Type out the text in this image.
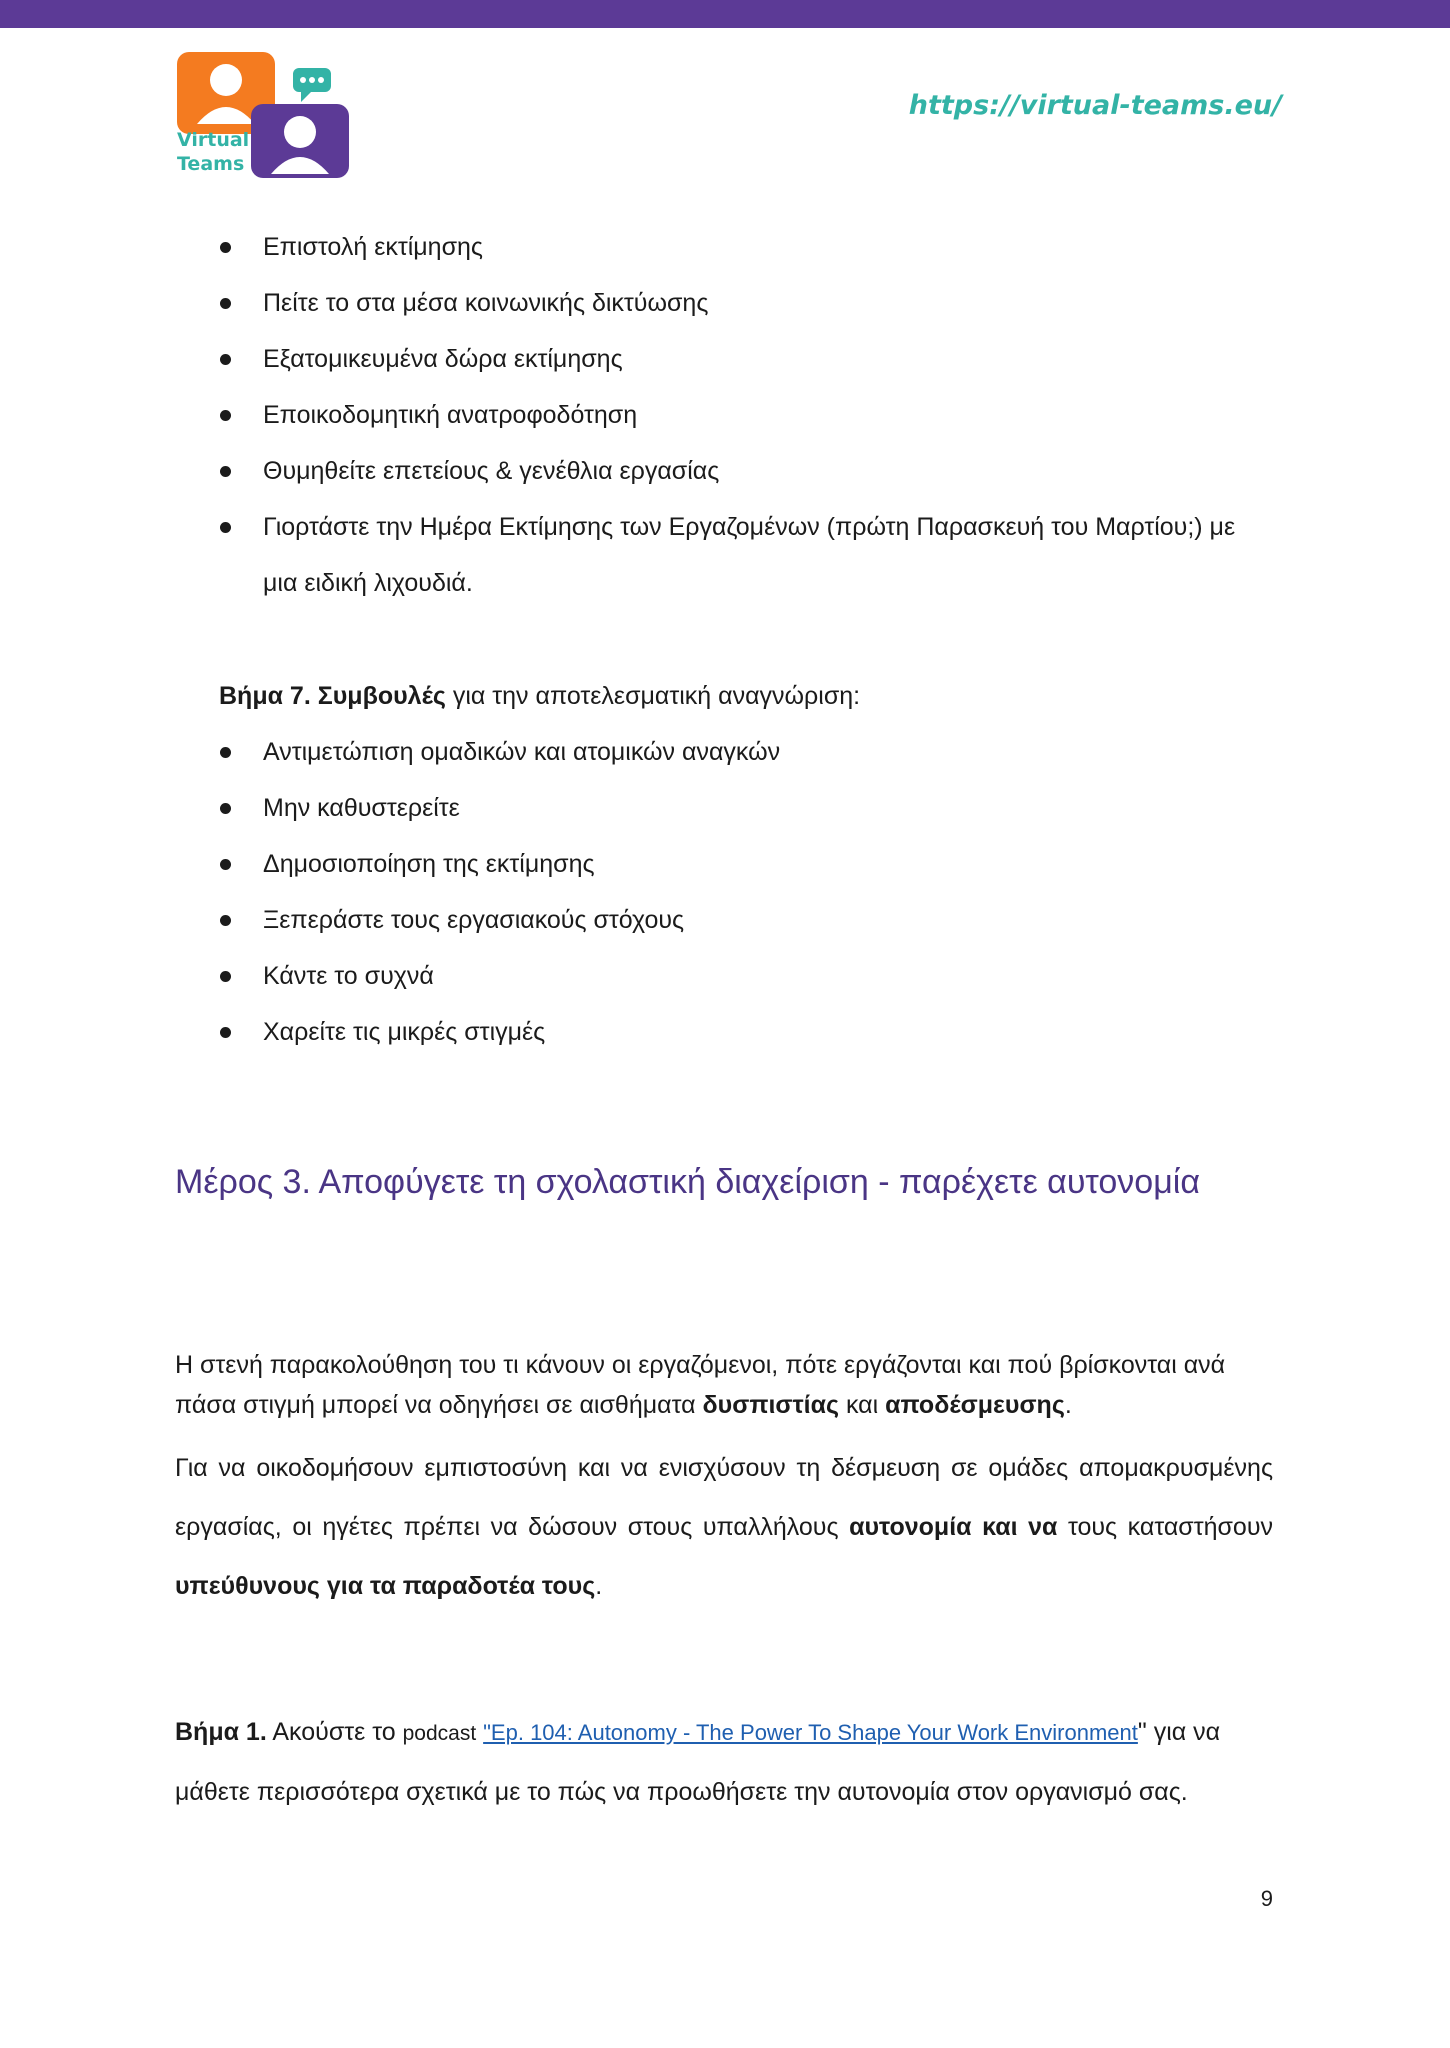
Virtual
Teams
https://virtual-teams.eu/
Επιστολή εκτίμησης
Πείτε το στα μέσα κοινωνικής δικτύωσης
Εξατομικευμένα δώρα εκτίμησης
Εποικοδομητική ανατροφοδότηση
Θυμηθείτε επετείους & γενέθλια εργασίας
Γιορτάστε την Ημέρα Εκτίμησης των Εργαζομένων (πρώτη Παρασκευή του Μαρτίου;) με μια ειδική λιχουδιά.
Βήμα 7. Συμβουλές για την αποτελεσματική αναγνώριση:
Αντιμετώπιση ομαδικών και ατομικών αναγκών
Μην καθυστερείτε
Δημοσιοποίηση της εκτίμησης
Ξεπεράστε τους εργασιακούς στόχους
Κάντε το συχνά
Χαρείτε τις μικρές στιγμές
Μέρος 3. Αποφύγετε τη σχολαστική διαχείριση - παρέχετε αυτονομία

Η στενή παρακολούθηση του τι κάνουν οι εργαζόμενοι, πότε εργάζονται και πού βρίσκονται ανά πάσα στιγμή μπορεί να οδηγήσει σε αισθήματα δυσπιστίας και αποδέσμευσης.

Για να οικοδομήσουν εμπιστοσύνη και να ενισχύσουν τη δέσμευση σε ομάδες απομακρυσμένης εργασίας, οι ηγέτες πρέπει να δώσουν στους υπαλλήλους αυτονομία και να τους καταστήσουν υπεύθυνους για τα παραδοτέα τους.

Βήμα 1. Ακούστε το podcast "Ep. 104: Autonomy - The Power To Shape Your Work Environment" για να μάθετε περισσότερα σχετικά με το πώς να προωθήσετε την αυτονομία στον οργανισμό σας.

9
